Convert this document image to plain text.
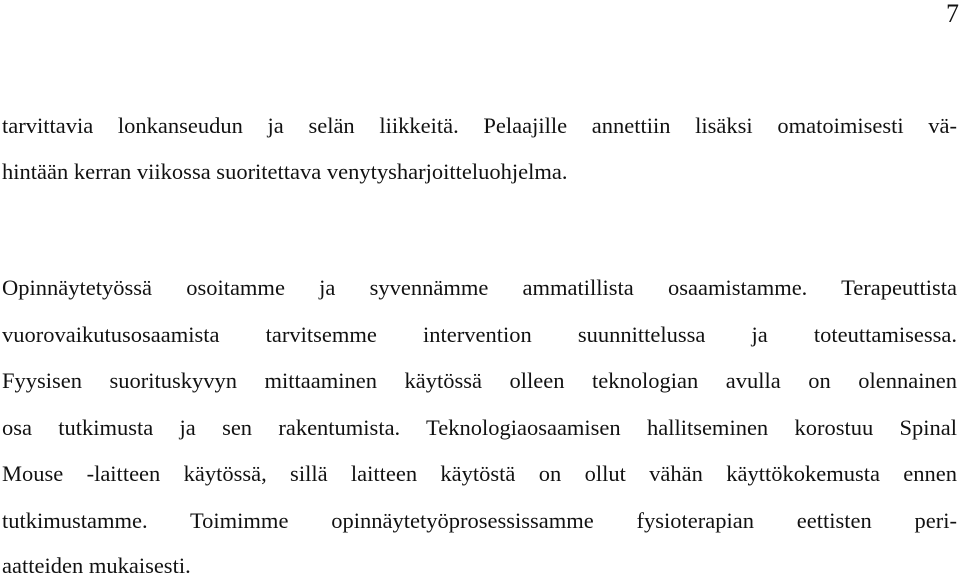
7
tarvittavia lonkanseudun ja selän liikkeitä. Pelaajille annettiin lisäksi omatoimisesti vä-
hintään kerran viikossa suoritettava venytysharjoitteluohjelma.
Opinnäytetyössä osoitamme ja syvennämme ammatillista osaamistamme. Terapeuttista
vuorovaikutusosaamista tarvitsemme intervention suunnittelussa ja toteuttamisessa.
Fyysisen suorituskyvyn mittaaminen käytössä olleen teknologian avulla on olennainen
osa tutkimusta ja sen rakentumista. Teknologiaosaamisen hallitseminen korostuu Spinal
Mouse -laitteen käytössä, sillä laitteen käytöstä on ollut vähän käyttökokemusta ennen
tutkimustamme. Toimimme opinnäytetyöprosessissamme fysioterapian eettisten peri-
aatteiden mukaisesti.
